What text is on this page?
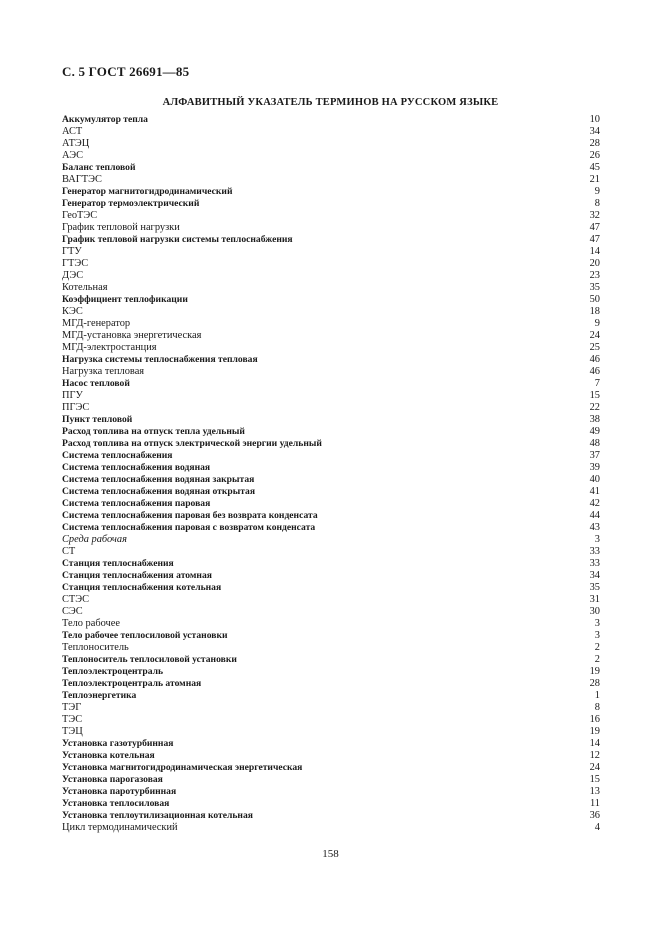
С. 5 ГОСТ 26691—85
АЛФАВИТНЫЙ УКАЗАТЕЛЬ ТЕРМИНОВ НА РУССКОМ ЯЗЫКЕ
Аккумулятор тепла	10
АСТ	34
АТЭЦ	28
АЭС	26
Баланс тепловой	45
ВАГТЭС	21
Генератор магнитогидродинамический	9
Генератор термоэлектрический	8
ГеоТЭС	32
График тепловой нагрузки	47
График тепловой нагрузки системы теплоснабжения	47
ГТУ	14
ГТЭС	20
ДЭС	23
Котельная	35
Коэффициент теплофикации	50
КЭС	18
МГД-генератор	9
МГД-установка энергетическая	24
МГД-электростанция	25
Нагрузка системы теплоснабжения тепловая	46
Нагрузка тепловая	46
Насос тепловой	7
ПГУ	15
ПГЭС	22
Пункт тепловой	38
Расход топлива на отпуск тепла удельный	49
Расход топлива на отпуск электрической энергии удельный	48
Система теплоснабжения	37
Система теплоснабжения водяная	39
Система теплоснабжения водяная закрытая	40
Система теплоснабжения водяная открытая	41
Система теплоснабжения паровая	42
Система теплоснабжения паровая без возврата конденсата	44
Система теплоснабжения паровая с возвратом конденсата	43
Среда рабочая	3
СТ	33
Станция теплоснабжения	33
Станция теплоснабжения атомная	34
Станция теплоснабжения котельная	35
СТЭС	31
СЭС	30
Тело рабочее	3
Тело рабочее теплосиловой установки	3
Теплоноситель	2
Теплоноситель теплосиловой установки	2
Теплоэлектроцентраль	19
Теплоэлектроцентраль атомная	28
Теплоэнергетика	1
ТЭГ	8
ТЭС	16
ТЭЦ	19
Установка газотурбинная	14
Установка котельная	12
Установка магнитогидродинамическая энергетическая	24
Установка парогазовая	15
Установка паротурбинная	13
Установка теплосиловая	11
Установка теплоутилизационная котельная	36
Цикл термодинамический	4
158
